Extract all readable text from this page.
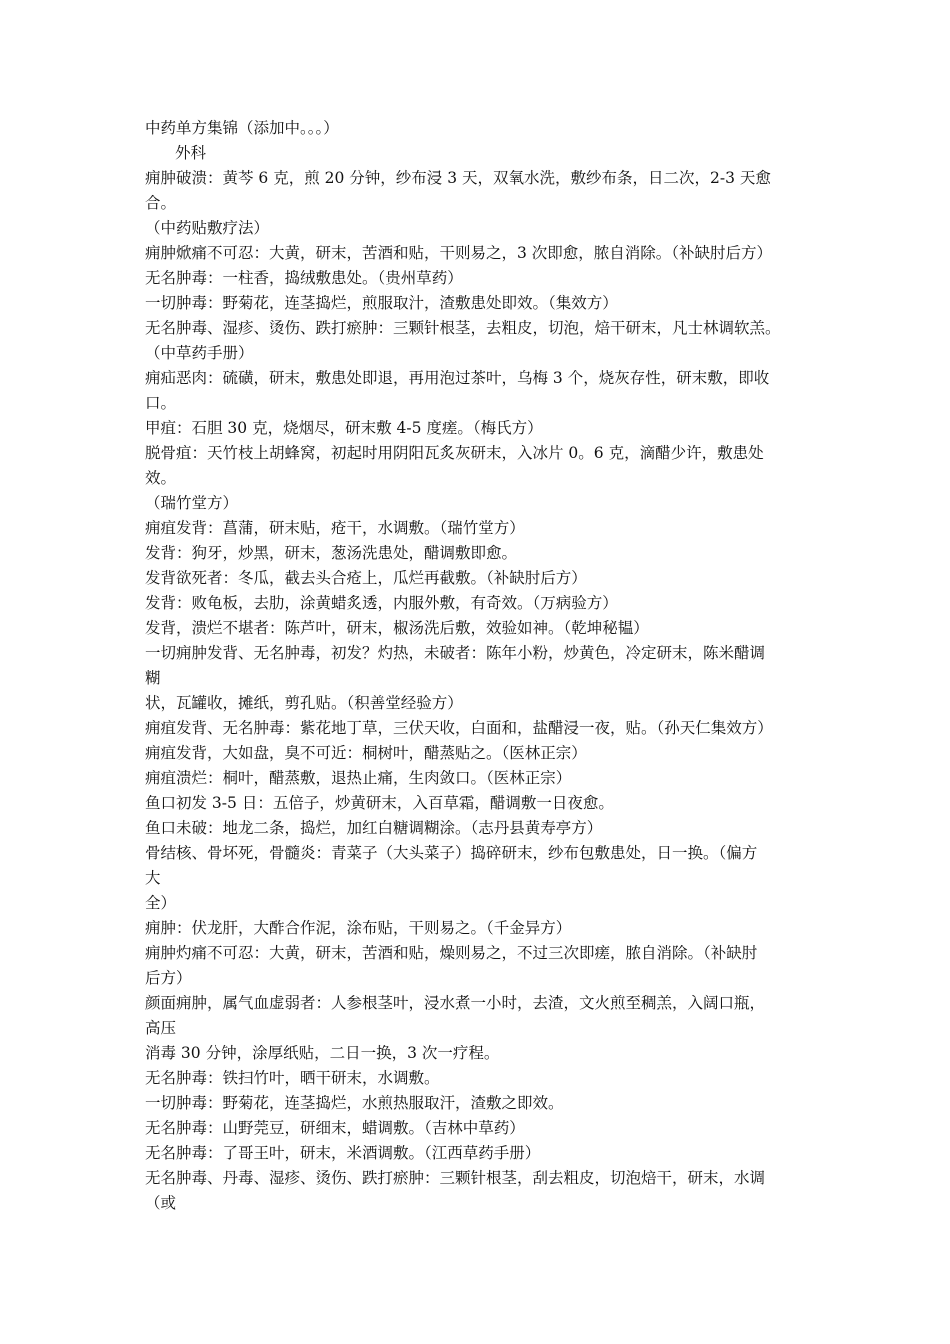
中药单方集锦（添加中。。。）
外科
痈肿破溃：黄芩 6 克，煎 20 分钟，纱布浸 3 天，双氧水洗，敷纱布条，日二次，2-3 天愈
合。
（中药贴敷疗法）
痈肿焮痛不可忍：大黄，研末，苦酒和贴，干则易之，3 次即愈，脓自消除。（补缺肘后方）
无名肿毒：一柱香，捣绒敷患处。（贵州草药）
一切肿毒：野菊花，连茎捣烂，煎服取汁，渣敷患处即效。（集效方）
无名肿毒、湿疹、烫伤、跌打瘀肿：三颗针根茎，去粗皮，切泡，焙干研末，凡士林调软羔。
（中草药手册）
痈疝恶肉：硫磺，研末，敷患处即退，再用泡过茶叶，乌梅 3 个，烧灰存性，研末敷，即收
口。
甲疽：石胆 30 克，烧烟尽，研末敷 4-5 度瘥。（梅氏方）
脱骨疽：天竹枝上胡蜂窝，初起时用阴阳瓦炙灰研末，入冰片 0。6 克，滴醋少许，敷患处
效。
（瑞竹堂方）
痈疽发背：菖蒲，研末贴，疮干，水调敷。（瑞竹堂方）
发背：狗牙，炒黑，研末，葱汤洗患处，醋调敷即愈。
发背欲死者：冬瓜，截去头合疮上，瓜烂再截敷。（补缺肘后方）
发背：败龟板，去肋，涂黄蜡炙透，内服外敷，有奇效。（万病验方）
发背，溃烂不堪者：陈芦叶，研末，椒汤洗后敷，效验如神。（乾坤秘韫）
一切痈肿发背、无名肿毒，初发？灼热，未破者：陈年小粉，炒黄色，冷定研末，陈米醋调
糊
状，瓦罐收，摊纸，剪孔贴。（积善堂经验方）
痈疽发背、无名肿毒：紫花地丁草，三伏天收，白面和，盐醋浸一夜，贴。（孙天仁集效方）
痈疽发背，大如盘，臭不可近：桐树叶，醋蒸贴之。（医林正宗）
痈疽溃烂：桐叶，醋蒸敷，退热止痛，生肉敛口。（医林正宗）
鱼口初发 3-5 日：五倍子，炒黄研末，入百草霜，醋调敷一日夜愈。
鱼口未破：地龙二条，捣烂，加红白糖调糊涂。（志丹县黄寿亭方）
骨结核、骨坏死，骨髓炎：青菜子（大头菜子）捣碎研末，纱布包敷患处，日一换。（偏方
大
全）
痈肿：伏龙肝，大酢合作泥，涂布贴，干则易之。（千金异方）
痈肿灼痛不可忍：大黄，研末，苦酒和贴，燥则易之，不过三次即瘥，脓自消除。（补缺肘
后方）
颜面痈肿，属气血虚弱者：人参根茎叶，浸水煮一小时，去渣，文火煎至稠羔，入阔口瓶，
高压
消毒 30 分钟，涂厚纸贴，二日一换，3 次一疗程。
无名肿毒：铁扫竹叶，晒干研末，水调敷。
一切肿毒：野菊花，连茎捣烂，水煎热服取汗，渣敷之即效。
无名肿毒：山野莞豆，研细末，蜡调敷。（吉林中草药）
无名肿毒：了哥王叶，研末，米酒调敷。（江西草药手册）
无名肿毒、丹毒、湿疹、烫伤、跌打瘀肿：三颗针根茎，刮去粗皮，切泡焙干，研末，水调
（或
